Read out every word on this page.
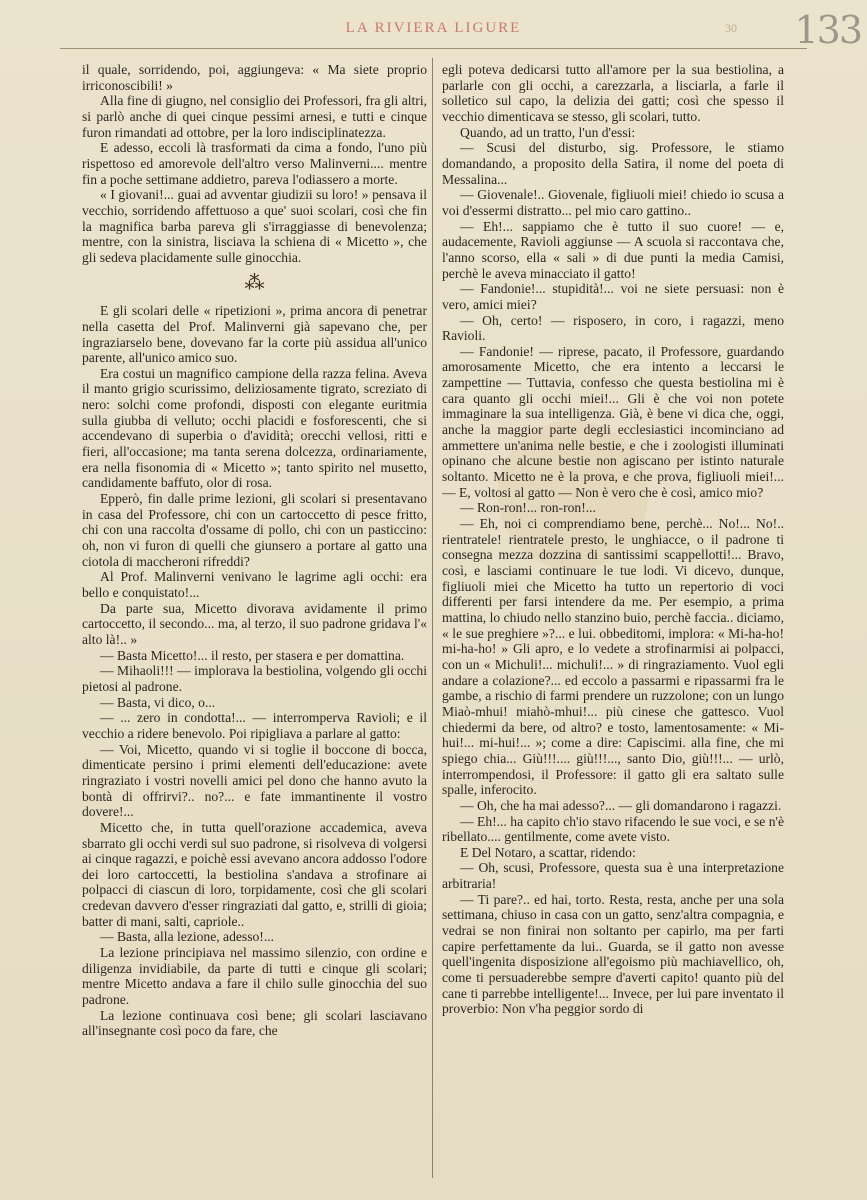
LA RIVIERA LIGURE	30 133

il quale, sorridendo, poi, aggiungeva: « Ma siete proprio irriconoscibili! »

Alla fine di giugno, nel consiglio dei Professori, fra gli altri, si parlò anche di quei cinque pessimi arnesi, e tutti e cinque furon rimandati ad ottobre, per la loro indisciplinatezza.

E adesso, eccoli là trasformati da cima a fondo, l'uno più rispettoso ed amorevole dell'altro verso Malinverni.... mentre fin a poche settimane addietro, pareva l'odiassero a morte.

« I giovani!... guai ad avventar giudizii su loro! » pensava il vecchio, sorridendo affettuoso a que' suoi scolari, così che fin la magnifica barba pareva gli s'irraggiasse di benevolenza; mentre, con la sinistra, lisciava la schiena di « Micetto », che gli sedeva placidamente sulle ginocchia.

⁂

E gli scolari delle « ripetizioni », prima ancora di penetrar nella casetta del Prof. Malinverni già sapevano che, per ingraziarselo bene, dovevano far la corte più assidua all'unico parente, all'unico amico suo.

Era costui un magnifico campione della razza felina. Aveva il manto grigio scurissimo, deliziosamente tigrato, screziato di nero: solchi come profondi, disposti con elegante euritmia sulla giubba di velluto; occhi placidi e fosforescenti, che si accendevano di superbia o d'avidità; orecchi vellosi, ritti e fieri, all'occasione; ma tanta serena dolcezza, ordinariamente, era nella fisonomia di « Micetto »; tanto spirito nel musetto, candidamente baffuto, olor di rosa.

Epperò, fin dalle prime lezioni, gli scolari si presentavano in casa del Professore, chi con un cartoccetto di pesce fritto, chi con una raccolta d'ossame di pollo, chi con un pasticcino: oh, non vi furon di quelli che giunsero a portare al gatto una ciotola di maccheroni rifreddi?

Al Prof. Malinverni venivano le lagrime agli occhi: era bello e conquistato!...

Da parte sua, Micetto divorava avidamente il primo cartoccetto, il secondo... ma, al terzo, il suo padrone gridava l'« alto là!.. »

— Basta Micetto!... il resto, per stasera e per domattina.

— Mihaoli!!! — implorava la bestiolina, volgendo gli occhi pietosi al padrone.

— Basta, vi dico, o...

— ... zero in condotta!... — interromperva Ravioli; e il vecchio a ridere benevolo. Poi ripigliava a parlare al gatto:

— Voi, Micetto, quando vi si toglie il boccone di bocca, dimenticate persino i primi elementi dell'educazione: avete ringraziato i vostri novelli amici pel dono che hanno avuto la bontà di offrirvi?.. no?... e fate immantinente il vostro dovere!...

Micetto che, in tutta quell'orazione accademica, aveva sbarrato gli occhi verdi sul suo padrone, si risolveva di volgersi ai cinque ragazzi, e poichè essi avevano ancora addosso l'odore dei loro cartoccetti, la bestiolina s'andava a strofinare ai polpacci di ciascun di loro, torpidamente, così che gli scolari credevan davvero d'esser ringraziati dal gatto, e, strilli di gioia; batter di mani, salti, capriole..

— Basta, alla lezione, adesso!...

La lezione principiava nel massimo silenzio, con ordine e diligenza invidiabile, da parte di tutti e cinque gli scolari; mentre Micetto andava a fare il chilo sulle ginocchia del suo padrone.

La lezione continuava così bene; gli scolari lasciavano all'insegnante così poco da fare, che

egli poteva dedicarsi tutto all'amore per la sua bestiolina, a parlarle con gli occhi, a carezzarla, a lisciarla, a farle il solletico sul capo, la delizia dei gatti; così che spesso il vecchio dimenticava se stesso, gli scolari, tutto.

Quando, ad un tratto, l'un d'essi:

— Scusi del disturbo, sig. Professore, le stiamo domandando, a proposito della Satira, il nome del poeta di Messalina...

— Giovenale!.. Giovenale, figliuoli miei! chiedo io scusa a voi d'essermi distratto... pel mio caro gattino..

— Eh!... sappiamo che è tutto il suo cuore! — e, audacemente, Ravioli aggiunse — A scuola si raccontava che, l'anno scorso, ella « sali » di due punti la media Camisi, perchè le aveva minacciato il gatto!

— Fandonie!... stupidità!... voi ne siete persuasi: non è vero, amici miei?

— Oh, certo! — risposero, in coro, i ragazzi, meno Ravioli.

— Fandonie! — riprese, pacato, il Professore, guardando amorosamente Micetto, che era intento a leccarsi le zampettine — Tuttavia, confesso che questa bestiolina mi è cara quanto gli occhi miei!... Gli è che voi non potete immaginare la sua intelligenza. Già, è bene vi dica che, oggi, anche la maggior parte degli ecclesiastici incominciano ad ammettere un'anima nelle bestie, e che i zoologisti illuminati opinano che alcune bestie non agiscano per istinto naturale soltanto. Micetto ne è la prova, e che prova, figliuoli miei!... — E, voltosi al gatto — Non è vero che è così, amico mio?

— Ron-ron!... ron-ron!...

— Eh, noi ci comprendiamo bene, perchè... No!... No!.. rientratele! rientratele presto, le unghiacce, o il padrone ti consegna mezza dozzina di santissimi scappellotti!... Bravo, così, e lasciami continuare le tue lodi. Vi dicevo, dunque, figliuoli miei che Micetto ha tutto un repertorio di voci differenti per farsi intendere da me. Per esempio, a prima mattina, lo chiudo nello stanzino buio, perchè faccia.. diciamo, « le sue preghiere »?... e lui. obbeditomi, implora: « Mi-ha-ho! mi-ha-ho! » Gli apro, e lo vedete a strofinarmisi ai polpacci, con un « Michuli!... michuli!... » di ringraziamento. Vuol egli andare a colazione?... ed eccolo a passarmi e ripassarmi fra le gambe, a rischio di farmi prendere un ruzzolone; con un lungo Miaò-mhui! miahò-mhui!... più cinese che gattesco. Vuol chiedermi da bere, od altro? e tosto, lamentosamente: « Mi-hui!... mi-hui!... »; come a dire: Capiscimi. alla fine, che mi spiego chia... Giù!!!.... giù!!!..., santo Dio, giù!!!... — urlò, interrompendosi, il Professore: il gatto gli era saltato sulle spalle, inferocito.

— Oh, che ha mai adesso?... — gli domandarono i ragazzi.

— Eh!... ha capito ch'io stavo rifacendo le sue voci, e se n'è ribellato.... gentilmente, come avete visto.

E Del Notaro, a scattar, ridendo:

— Oh, scusi, Professore, questa sua è una interpretazione arbitraria!

— Ti pare?.. ed hai, torto. Resta, resta, anche per una sola settimana, chiuso in casa con un gatto, senz'altra compagnia, e vedrai se non finirai non soltanto per capirlo, ma per farti capire perfettamente da lui.. Guarda, se il gatto non avesse quell'ingenita disposizione all'egoismo più machiavellico, oh, come ti persuaderebbe sempre d'averti capito! quanto più del cane ti parrebbe intelligente!... Invece, per lui pare inventato il proverbio: Non v'ha peggior sordo di
